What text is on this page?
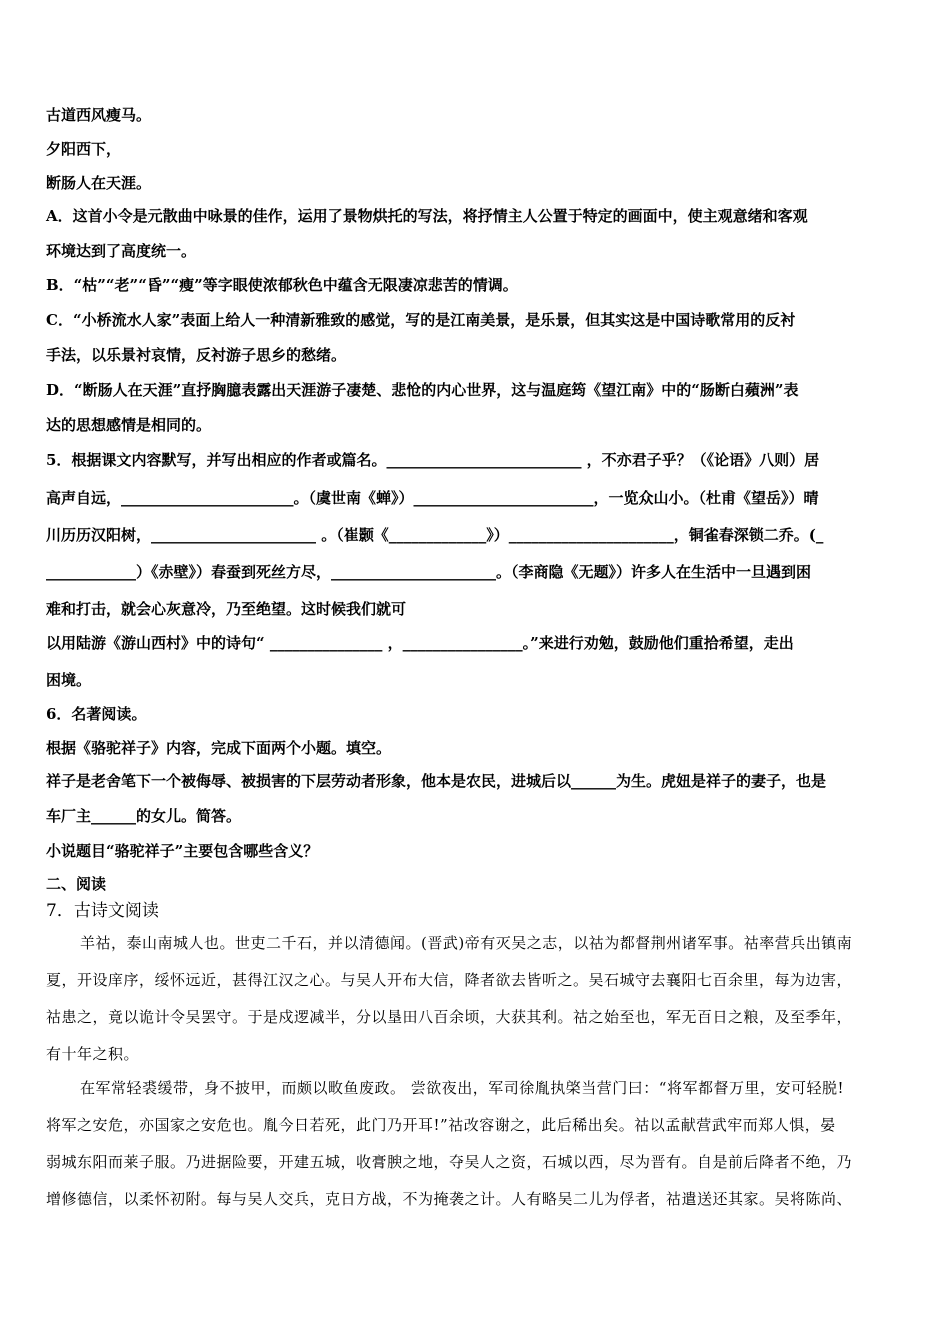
古道西风瘦马。
夕阳西下，
断肠人在天涯。
A．这首小令是元散曲中咏景的佳作，运用了景物烘托的写法，将抒情主人公置于特定的画面中，使主观意绪和客观
环境达到了高度统一。
B．“枯”“老”“昏”“瘦”等字眼使浓郁秋色中蕴含无限凄凉悲苦的情调。
C．“小桥流水人家”表面上给人一种清新雅致的感觉，写的是江南美景，是乐景，但其实这是中国诗歌常用的反衬
手法，以乐景衬哀情，反衬游子思乡的愁绪。
D．“断肠人在天涯”直抒胸臆表露出天涯游子凄楚、悲怆的内心世界，这与温庭筠《望江南》中的“肠断白蘋洲”表
达的思想感情是相同的。
5．根据课文内容默写，并写出相应的作者或篇名。__________________________ ，不亦君子乎？（《论语》八则）居
高声自远，_______________________。（虞世南《蝉》）________________________，一览众山小。（杜甫《望岳》）晴
川历历汉阳树，______________________ 。（崔颢《_____________》）______________________，铜雀春深锁二乔。(_
____________）《赤壁》）春蚕到死丝方尽，______________________。（李商隐《无题》）许多人在生活中一旦遇到困
难和打击，就会心灰意冷，乃至绝望。这时候我们就可
以用陆游《游山西村》中的诗句“ _______________ ，________________。”来进行劝勉，鼓励他们重拾希望，走出
困境。
6．名著阅读。
根据《骆驼祥子》内容，完成下面两个小题。填空。
祥子是老舍笔下一个被侮辱、被损害的下层劳动者形象，他本是农民，进城后以______为生。虎妞是祥子的妻子，也是
车厂主______的女儿。简答。
小说题目“骆驼祥子”主要包含哪些含义？
二、阅读
7．古诗文阅读
羊祜，泰山南城人也。世吏二千石，并以清德闻。(晋武)帝有灭吴之志，以祜为都督荆州诸军事。祜率营兵出镇南
夏，开设庠序，绥怀远近，甚得江汉之心。与吴人开布大信，降者欲去皆听之。吴石城守去襄阳七百余里，每为边害，
祜患之，竟以诡计令吴罢守。于是戍逻减半，分以垦田八百余顷，大获其利。祜之始至也，军无百日之粮，及至季年，
有十年之积。
在军常轻裘缓带，身不披甲，而颇以畋鱼废政。 尝欲夜出，军司徐胤执棨当营门曰：“将军都督万里，安可轻脱!
将军之安危，亦国家之安危也。胤今日若死，此门乃开耳!”祜改容谢之，此后稀出矣。祜以孟献营武牢而郑人惧，晏
弱城东阳而莱子服。乃进据险要，开建五城，收膏腴之地，夺吴人之资，石城以西，尽为晋有。自是前后降者不绝，乃
增修德信，以柔怀初附。每与吴人交兵，克日方战，不为掩袭之计。人有略吴二儿为俘者，祜遣送还其家。吴将陈尚、
